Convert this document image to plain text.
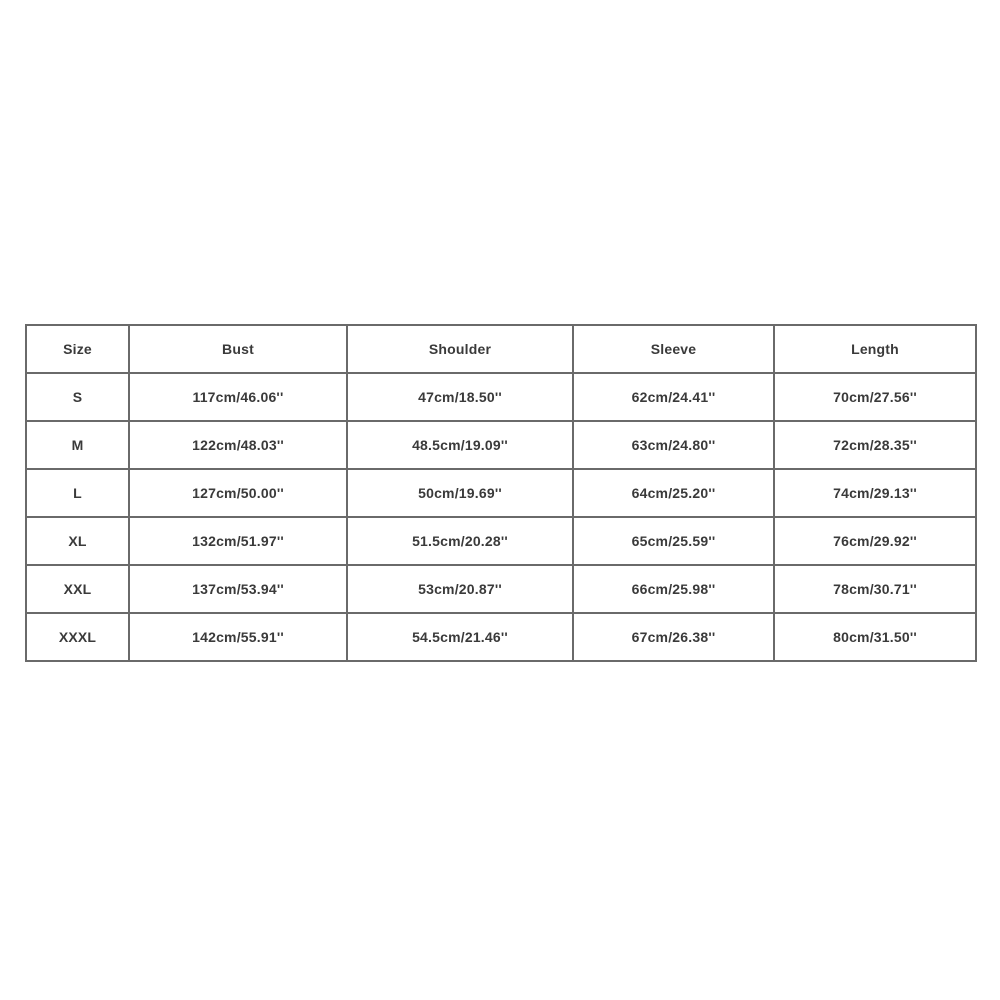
Size	Bust	Shoulder	Sleeve	Length
S	117cm/46.06''	47cm/18.50''	62cm/24.41''	70cm/27.56''
M	122cm/48.03''	48.5cm/19.09''	63cm/24.80''	72cm/28.35''
L	127cm/50.00''	50cm/19.69''	64cm/25.20''	74cm/29.13''
XL	132cm/51.97''	51.5cm/20.28''	65cm/25.59''	76cm/29.92''
XXL	137cm/53.94''	53cm/20.87''	66cm/25.98''	78cm/30.71''
XXXL	142cm/55.91''	54.5cm/21.46''	67cm/26.38''	80cm/31.50''
